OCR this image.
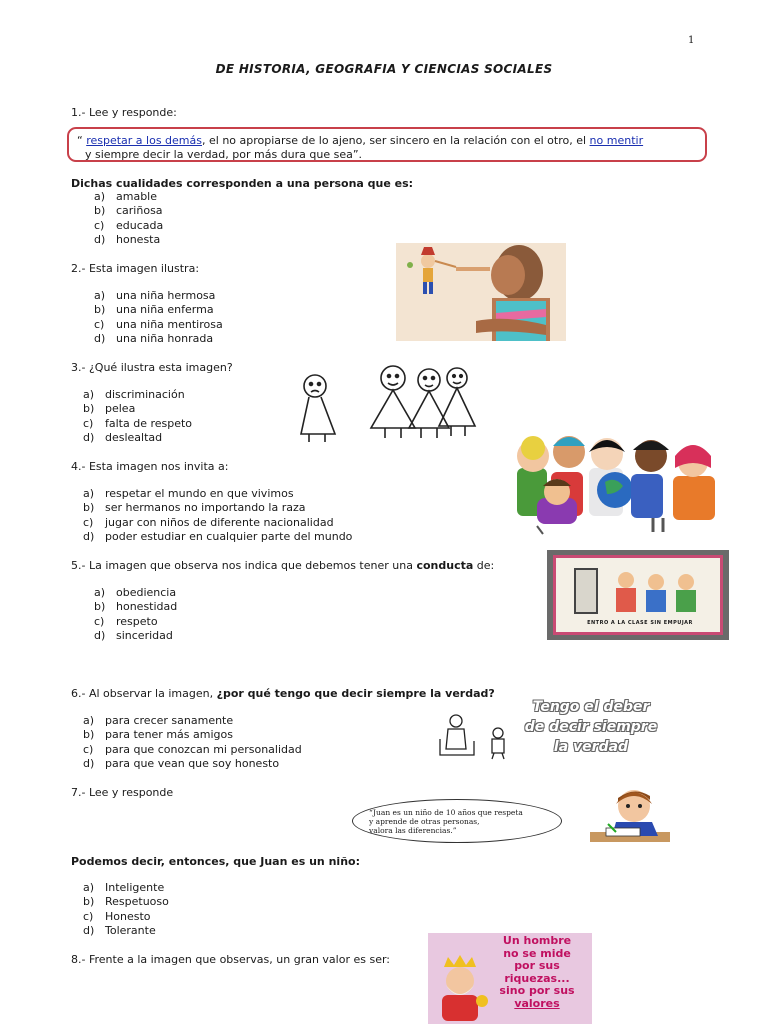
1
DE HISTORIA, GEOGRAFIA Y CIENCIAS SOCIALES
1.- Lee y responde:
“ respetar a los demás, el no apropiarse de lo ajeno, ser sincero en la relación con el otro, el no mentir
y siempre decir la verdad, por más dura que sea”.
Dichas cualidades corresponden a una persona que es:
a) amable
b) cariñosa
c) educada
d) honesta
2.- Esta imagen ilustra:
a) una niña hermosa
b) una niña enferma
c) una niña mentirosa
d) una niña honrada
3.- ¿Qué ilustra esta imagen?
a) discriminación
b) pelea
c) falta de respeto
d) deslealtad
4.- Esta imagen nos invita a:
a) respetar el mundo en que vivimos
b) ser hermanos no importando la raza
c) jugar con niños de diferente nacionalidad
d) poder estudiar en cualquier parte del mundo
5.- La imagen que observa nos indica que debemos tener una conducta de:
a) obediencia
b) honestidad
c) respeto
d) sinceridad
ENTRO A LA CLASE SIN EMPUJAR
6.- Al observar la imagen, ¿por qué tengo que decir siempre la verdad?
a) para crecer sanamente
b) para tener más amigos
c) para que conozcan mi personalidad
d) para que vean que soy honesto
Tengo el deber
de decir siempre
la verdad
7.- Lee y responde
“Juan es un niño de 10 años que respeta
y aprende de otras personas,
valora las diferencias.”
Podemos decir, entonces, que Juan es un niño:
a) Inteligente
b) Respetuoso
c) Honesto
d) Tolerante
8.- Frente a la imagen que observas, un gran valor es ser:
Un hombre
no se mide
por sus
riquezas...
sino por sus
valores
